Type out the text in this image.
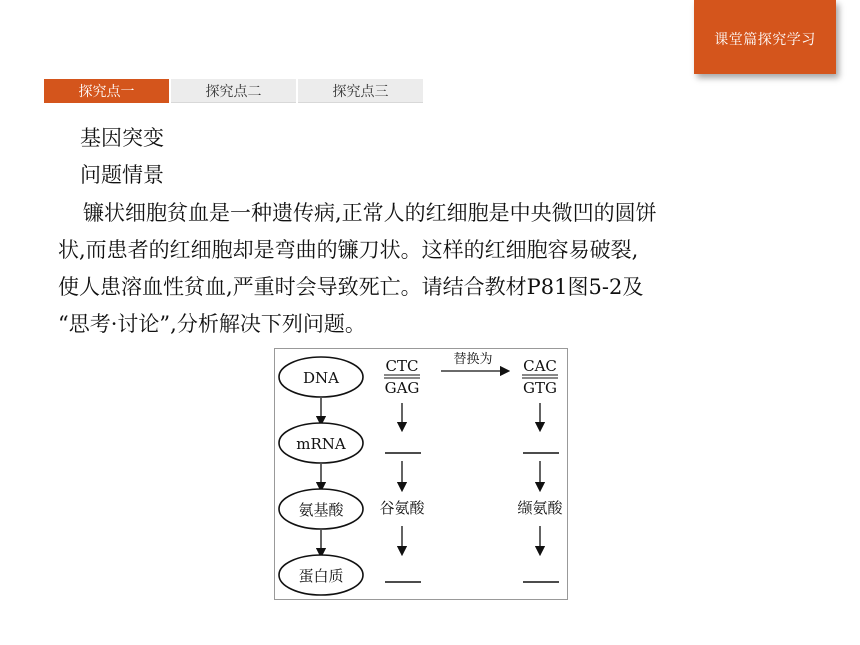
课堂篇探究学习
探究点一	探究点二	探究点三
基因突变
问题情景
镰状细胞贫血是一种遗传病,正常人的红细胞是中央微凹的圆饼
状,而患者的红细胞却是弯曲的镰刀状。这样的红细胞容易破裂,
使人患溶血性贫血,严重时会导致死亡。请结合教材P81图5-2及
“思考·讨论”,分析解决下列问题。
DNA
mRNA
氨基酸
蛋白质
CTC
GAG
谷氨酸
替换为 CAC
GTG
缬氨酸
